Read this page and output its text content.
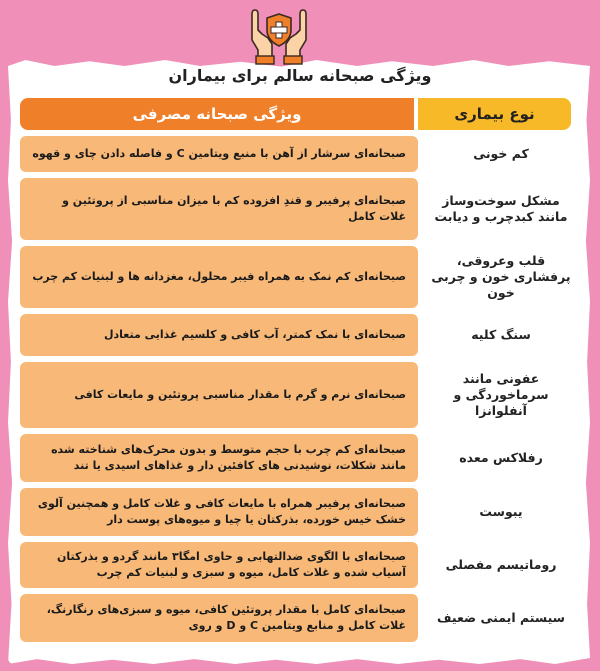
ویژگی صبحانه سالم برای بیماران
نوع بیماری
ویژگی صبحانه مصرفی
کم خونی
صبحانه‌ای سرشار از آهن با منبع ویتامین C و فاصله دادن چای و قهوه
مشکل سوخت‌وساز مانند کبدچرب و دیابت
صبحانه‌ای پرفیبر و قندِ افزوده کم با میزان مناسبی از پروتئین و غلات کامل
قلب وعروقی، پرفشاری خون و چربی خون
صبحانه‌ای کم نمک به همراه فیبر محلول، مغزدانه ها و لبنیات کم چرب
سنگ کلیه
صبحانه‌ای با نمک کمتر، آب کافی و کلسیم غذایی متعادل
عفونی مانند سرماخوردگی و آنفلوانزا
صبحانه‌ای نرم و گرم با مقدار مناسبی پروتئین و مایعات کافی
رفلاکس معده
صبحانه‌ای کم چرب با حجم متوسط و بدون محرک‌های شناخته شده مانند شکلات، نوشیدنی های کافئین دار و غذاهای اسیدی یا تند
یبوست
صبحانه‌ای پرفیبر همراه با مایعات کافی و غلات کامل و همچنین آلوی خشک خیس خورده، بذرکتان یا چیا و میوه‌های پوست دار
روماتیسم مفصلی
صبحانه‌ای با الگوی ضدالتهابی و حاوی امگا۳ مانند گردو و بذرکتان آسیاب شده و غلات کامل، میوه و سبزی و لبنیات کم چرب
سیستم ایمنی ضعیف
صبحانه‌ای کامل با مقدار پروتئین کافی، میوه و سبزی‌های رنگارنگ، غلات کامل و منابع ویتامین C و D و روی
